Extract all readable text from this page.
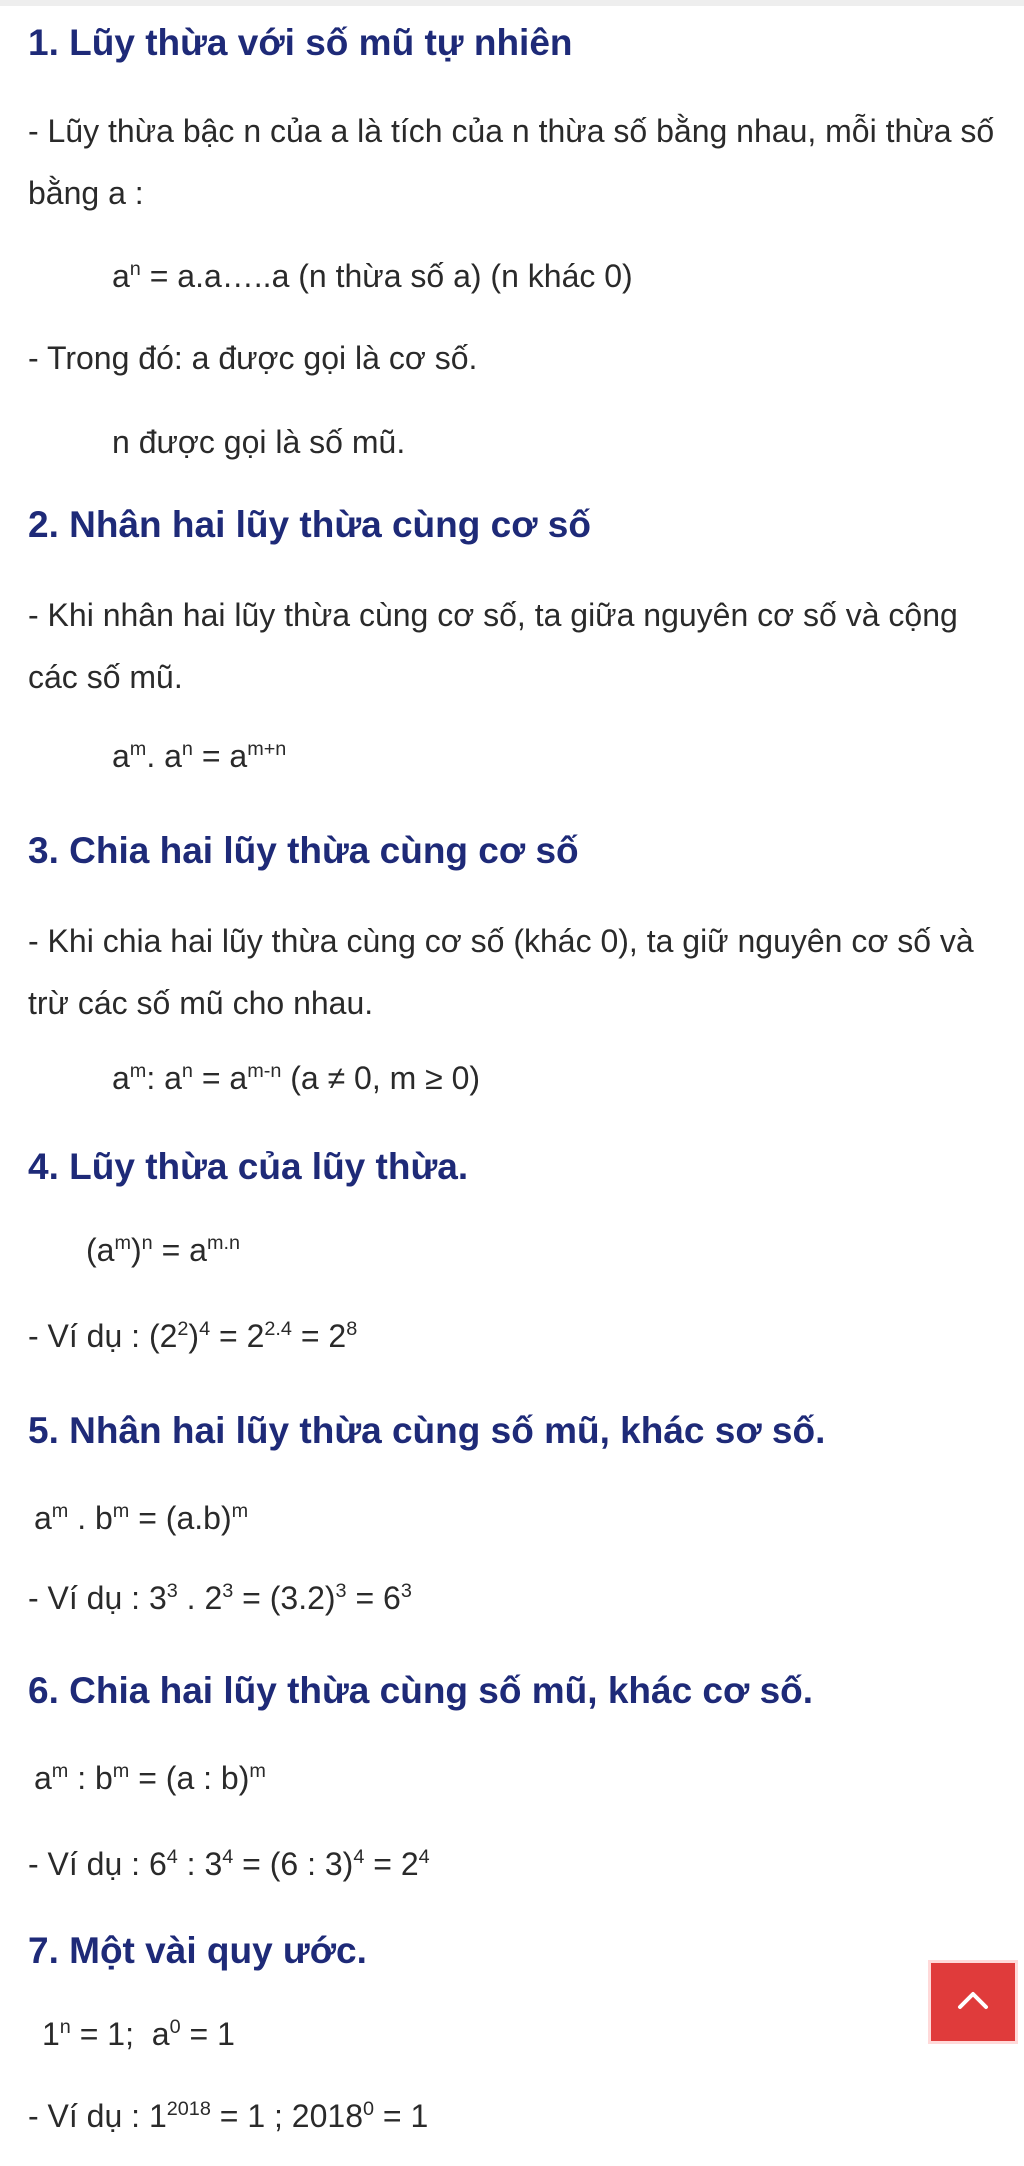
1. Lũy thừa với số mũ tự nhiên
- Lũy thừa bậc n của a là tích của n thừa số bằng nhau, mỗi thừa số bằng a :
$a^n$ = a.a…..a (n thừa số a) (n khác 0)
- Trong đó: a được gọi là cơ số.
n được gọi là số mũ.
2. Nhân hai lũy thừa cùng cơ số
- Khi nhân hai lũy thừa cùng cơ số, ta giữa nguyên cơ số và cộng các số mũ.
$a^m$. $a^n = a^{m+n}$
3. Chia hai lũy thừa cùng cơ số
- Khi chia hai lũy thừa cùng cơ số (khác 0), ta giữ nguyên cơ số và trừ các số mũ cho nhau.
$a^m$: $a^n = a^{m-n}$ (a ≠ 0, m ≥ 0)
4. Lũy thừa của lũy thừa.
$(a^m)^n = a^{m.n}$
- Ví dụ : $(2^2)^4 = 2^{2.4} = 2^8$
5. Nhân hai lũy thừa cùng số mũ, khác sơ số.
$a^m$ . $b^m = (a.b)^m$
- Ví dụ : $3^3$ . $2^3 = (3.2)^3 = 6^3$
6. Chia hai lũy thừa cùng số mũ, khác cơ số.
$a^m$ : $b^m = (a$ : b)$^m$
- Ví dụ : $6^4$ : $3^4 = (6$ : $3)^4 = 2^4$
7. Một vài quy ước.
$1^n = 1$;  $a^0 = 1$
- Ví dụ : $1^{2018} = 1$ ; $2018^0 = 1$
